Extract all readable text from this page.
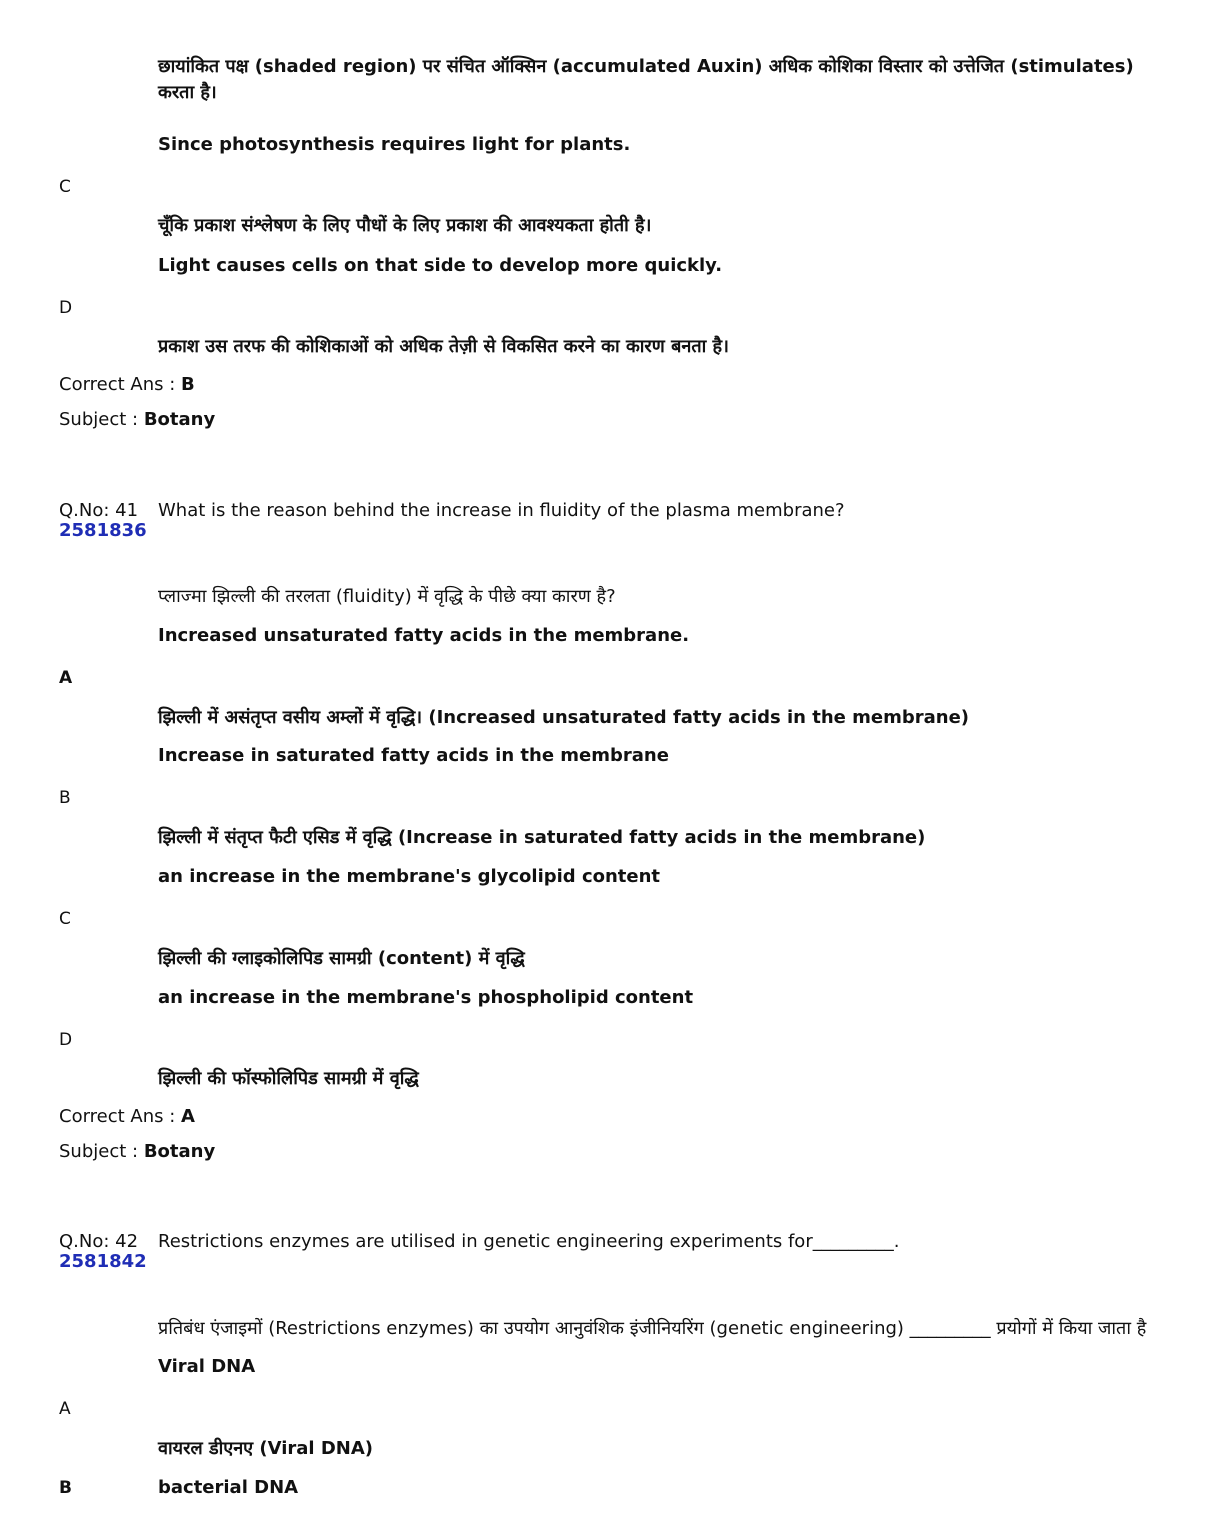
छायांकित पक्ष (shaded region) पर संचित ऑक्सिन (accumulated Auxin) अधिक कोशिका विस्तार को उत्तेजित (stimulates) करता है।
Since photosynthesis requires light for plants.
C
चूँकि प्रकाश संश्लेषण के लिए पौधों के लिए प्रकाश की आवश्यकता होती है।
Light causes cells on that side to develop more quickly.
D
प्रकाश उस तरफ की कोशिकाओं को अधिक तेज़ी से विकसित करने का कारण बनता है।
Correct Ans : B
Subject : Botany
Q.No: 41
2581836
What is the reason behind the increase in fluidity of the plasma membrane?
प्लाज्मा झिल्ली की तरलता (fluidity) में वृद्धि के पीछे क्या कारण है?
Increased unsaturated fatty acids in the membrane.
A
झिल्ली में असंतृप्त वसीय अम्लों में वृद्धि। (Increased unsaturated fatty acids in the membrane)
Increase in saturated fatty acids in the membrane
B
झिल्ली में संतृप्त फैटी एसिड में वृद्धि (Increase in saturated fatty acids in the membrane)
an increase in the membrane's glycolipid content
C
झिल्ली की ग्लाइकोलिपिड सामग्री (content) में वृद्धि
an increase in the membrane's phospholipid content
D
झिल्ली की फॉस्फोलिपिड सामग्री में वृद्धि
Correct Ans : A
Subject : Botany
Q.No: 42
2581842
Restrictions enzymes are utilised in genetic engineering experiments for_________.
प्रतिबंध एंजाइमों (Restrictions enzymes) का उपयोग आनुवंशिक इंजीनियरिंग (genetic engineering) _________ प्रयोगों में किया जाता है
Viral DNA
A
वायरल डीएनए (Viral DNA)
B	bacterial DNA
